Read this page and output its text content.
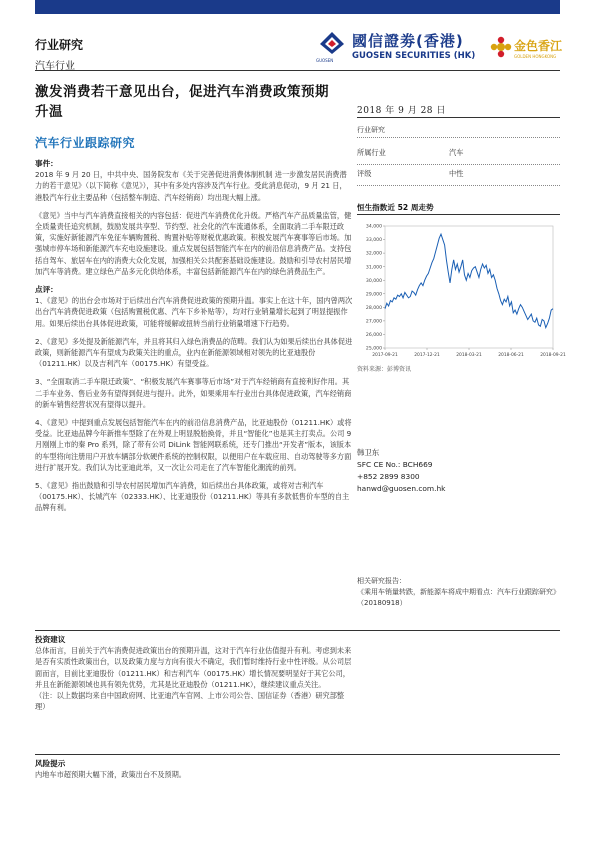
行业研究
汽车行业
GUOSEN
國信證劵(香港)
GUOSEN SECURITIES (HK)
金色香江
GOLDEN HONGKONG
激发消费若干意见出台，促进汽车消费政策预期升温
汽车行业跟踪研究
事件：

2018 年 9 月 20 日，中共中央、国务院发布《关于完善促进消费体制机制 进一步激发居民消费潜力的若干意见》（以下简称《意见》），其中有多处内容涉及汽车行业。受此消息促动，9 月 21 日，港股汽车行业主要品种（包括整车制造、汽车经销商）均出现大幅上涨。

《意见》当中与汽车消费直接相关的内容包括：促进汽车消费优化升级。严格汽车产品质量监管，健全质量责任追究机制，鼓励发展共享型、节约型、社会化的汽车流通体系，全面取消二手车限迁政策，实施好新能源汽车免征车辆购置税、购置补贴等财税优惠政策。积极发展汽车赛事等后市场。加强城市停车场和新能源汽车充电设施建设。重点发展包括智能汽车在内的前沿信息消费产品。支持包括自驾车、旅居车在内的消费大众化发展，加强相关公共配套基础设施建设。鼓励和引导农村居民增加汽车等消费。建立绿色产品多元化供给体系，丰富包括新能源汽车在内的绿色消费品生产。

点评：

1、《意见》的出台会市场对于后续出台汽车消费促进政策的预期升温。事实上在这十年，国内曾两次出台汽车消费促进政策（包括购置税优惠、汽车下乡补贴等），均对行业销量增长起到了明显提振作用。如果后续出台具体促进政策，可能将缓解或扭转当前行业销量增速下行趋势。

2、《意见》多处提及新能源汽车，并且将其归入绿色消费品的范畴。我们认为如果后续出台具体促进政策，则新能源汽车有望成为政策关注的重点，业内在新能源领域相对领先的比亚迪股份（01211.HK）以及吉利汽车（00175.HK）有望受益。

3、“全面取消二手车限迁政策”、“积极发展汽车赛事等后市场”对于汽车经销商有直接利好作用。其二手车业务、售后业务有望得到促进与提升。此外，如果乘用车行业出台具体促进政策，汽车经销商的新车销售经营状况有望得以提升。

4、《意见》中提到重点发展包括智能汽车在内的前沿信息消费产品，比亚迪股份（01211.HK）或将受益。比亚迪品牌今年新推车型除了在外观上明显脱胎换骨，并且“智能化”也是其主打卖点。公司 9 月刚刚上市的秦 Pro 系列，除了带有公司 DiLink 智能网联系统，还专门推出“开发者”版本，该版本的车型将向注册用户开放车辆部分软硬件系统的控制权限，以便用户在车载应用、自动驾驶等多方面进行扩展开发。我们认为比亚迪此举，又一次让公司走在了汽车智能化潮流的前列。

5、《意见》指出鼓励和引导农村居民增加汽车消费，如后续出台具体政策，或将对吉利汽车（00175.HK）、长城汽车（02333.HK）、比亚迪股份（01211.HK）等具有多款低售价车型的自主品牌有利。

投资建议
总体而言，目前关于汽车消费促进政策出台的预期升温，这对于汽车行业估值提升有利。考虑到未来是否有实质性政策出台，以及政策力度与方向有很大不确定，我们暂时维持行业中性评级。从公司层面而言，目前比亚迪股份（01211.HK）和吉利汽车（00175.HK）增长情况要明显好于其它公司，并且在新能源领域也具有领先优势，尤其是比亚迪股份（01211.HK），继续建议重点关注。
（注：以上数据均来自中国政府网、比亚迪汽车官网、上市公司公告、国信证券（香港）研究部整理）
风险提示
内地车市超预期大幅下滑，政策出台不及预期。
2018 年 9 月 28 日
行业研究
所属行业	汽车
评级	中性
恒生指数近 52 周走势
25,000
26,000
27,000
28,000
29,000
30,000
31,000
32,000
33,000
34,000
2017-09-21	2017-12-21	2018-03-21	2018-06-21	2018-09-21
资料来源：彭博资讯
韩卫东
SFC CE No.: BCH669
+852 2899 8300
hanwd@guosen.com.hk
相关研究报告：
《乘用车销量转跌，新能源车将成中期看点：汽车行业跟踪研究》（20180918）
